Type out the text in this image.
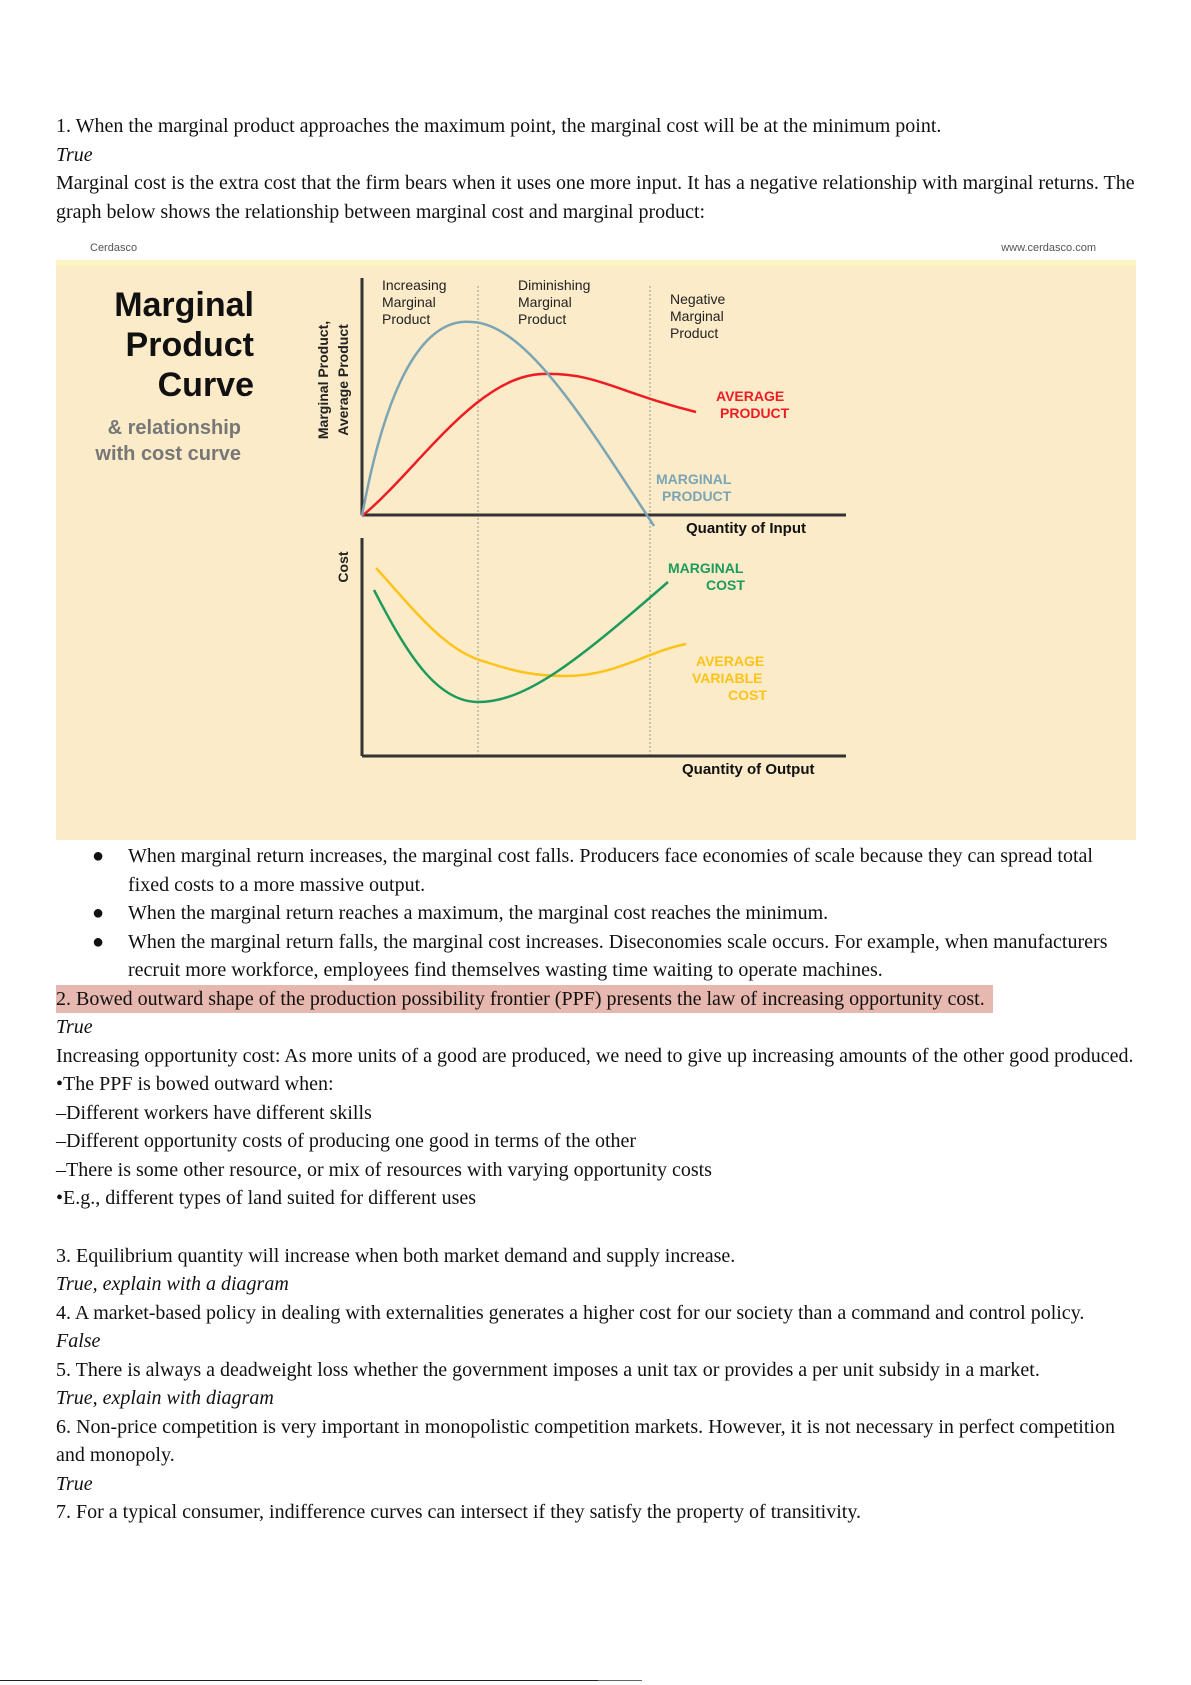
1. When the marginal product approaches the maximum point, the marginal cost will be at the minimum point.
True
Marginal cost is the extra cost that the firm bears when it uses one more input. It has a negative relationship with marginal returns. The graph below shows the relationship between marginal cost and marginal product:
Cerdasco	www.cerdasco.com
Marginal
Product
Curve
& relationship
with cost curve
Marginal Product, Average Product
Cost
Increasing
Marginal
Product
Diminishing
Marginal
Product
Negative
Marginal
Product
Quantity of Input
AVERAGE
PRODUCT
MARGINAL
PRODUCT
Quantity of Output
MARGINAL
COST
AVERAGE
VARIABLE
COST
● When marginal return increases, the marginal cost falls. Producers face economies of scale because they can spread total fixed costs to a more massive output.
● When the marginal return reaches a maximum, the marginal cost reaches the minimum.
● When the marginal return falls, the marginal cost increases. Diseconomies scale occurs. For example, when manufacturers recruit more workforce, employees find themselves wasting time waiting to operate machines.
2. Bowed outward shape of the production possibility frontier (PPF) presents the law of increasing opportunity cost.
True
Increasing opportunity cost: As more units of a good are produced, we need to give up increasing amounts of the other good produced.
•The PPF is bowed outward when:
–Different workers have different skills
–Different opportunity costs of producing one good in terms of the other
–There is some other resource, or mix of resources with varying opportunity costs
•E.g., different types of land suited for different uses
3. Equilibrium quantity will increase when both market demand and supply increase.
True, explain with a diagram
4. A market-based policy in dealing with externalities generates a higher cost for our society than a command and control policy.
False
5. There is always a deadweight loss whether the government imposes a unit tax or provides a per unit subsidy in a market.
True, explain with diagram
6. Non-price competition is very important in monopolistic competition markets. However, it is not necessary in perfect competition and monopoly.
True
7. For a typical consumer, indifference curves can intersect if they satisfy the property of transitivity.
